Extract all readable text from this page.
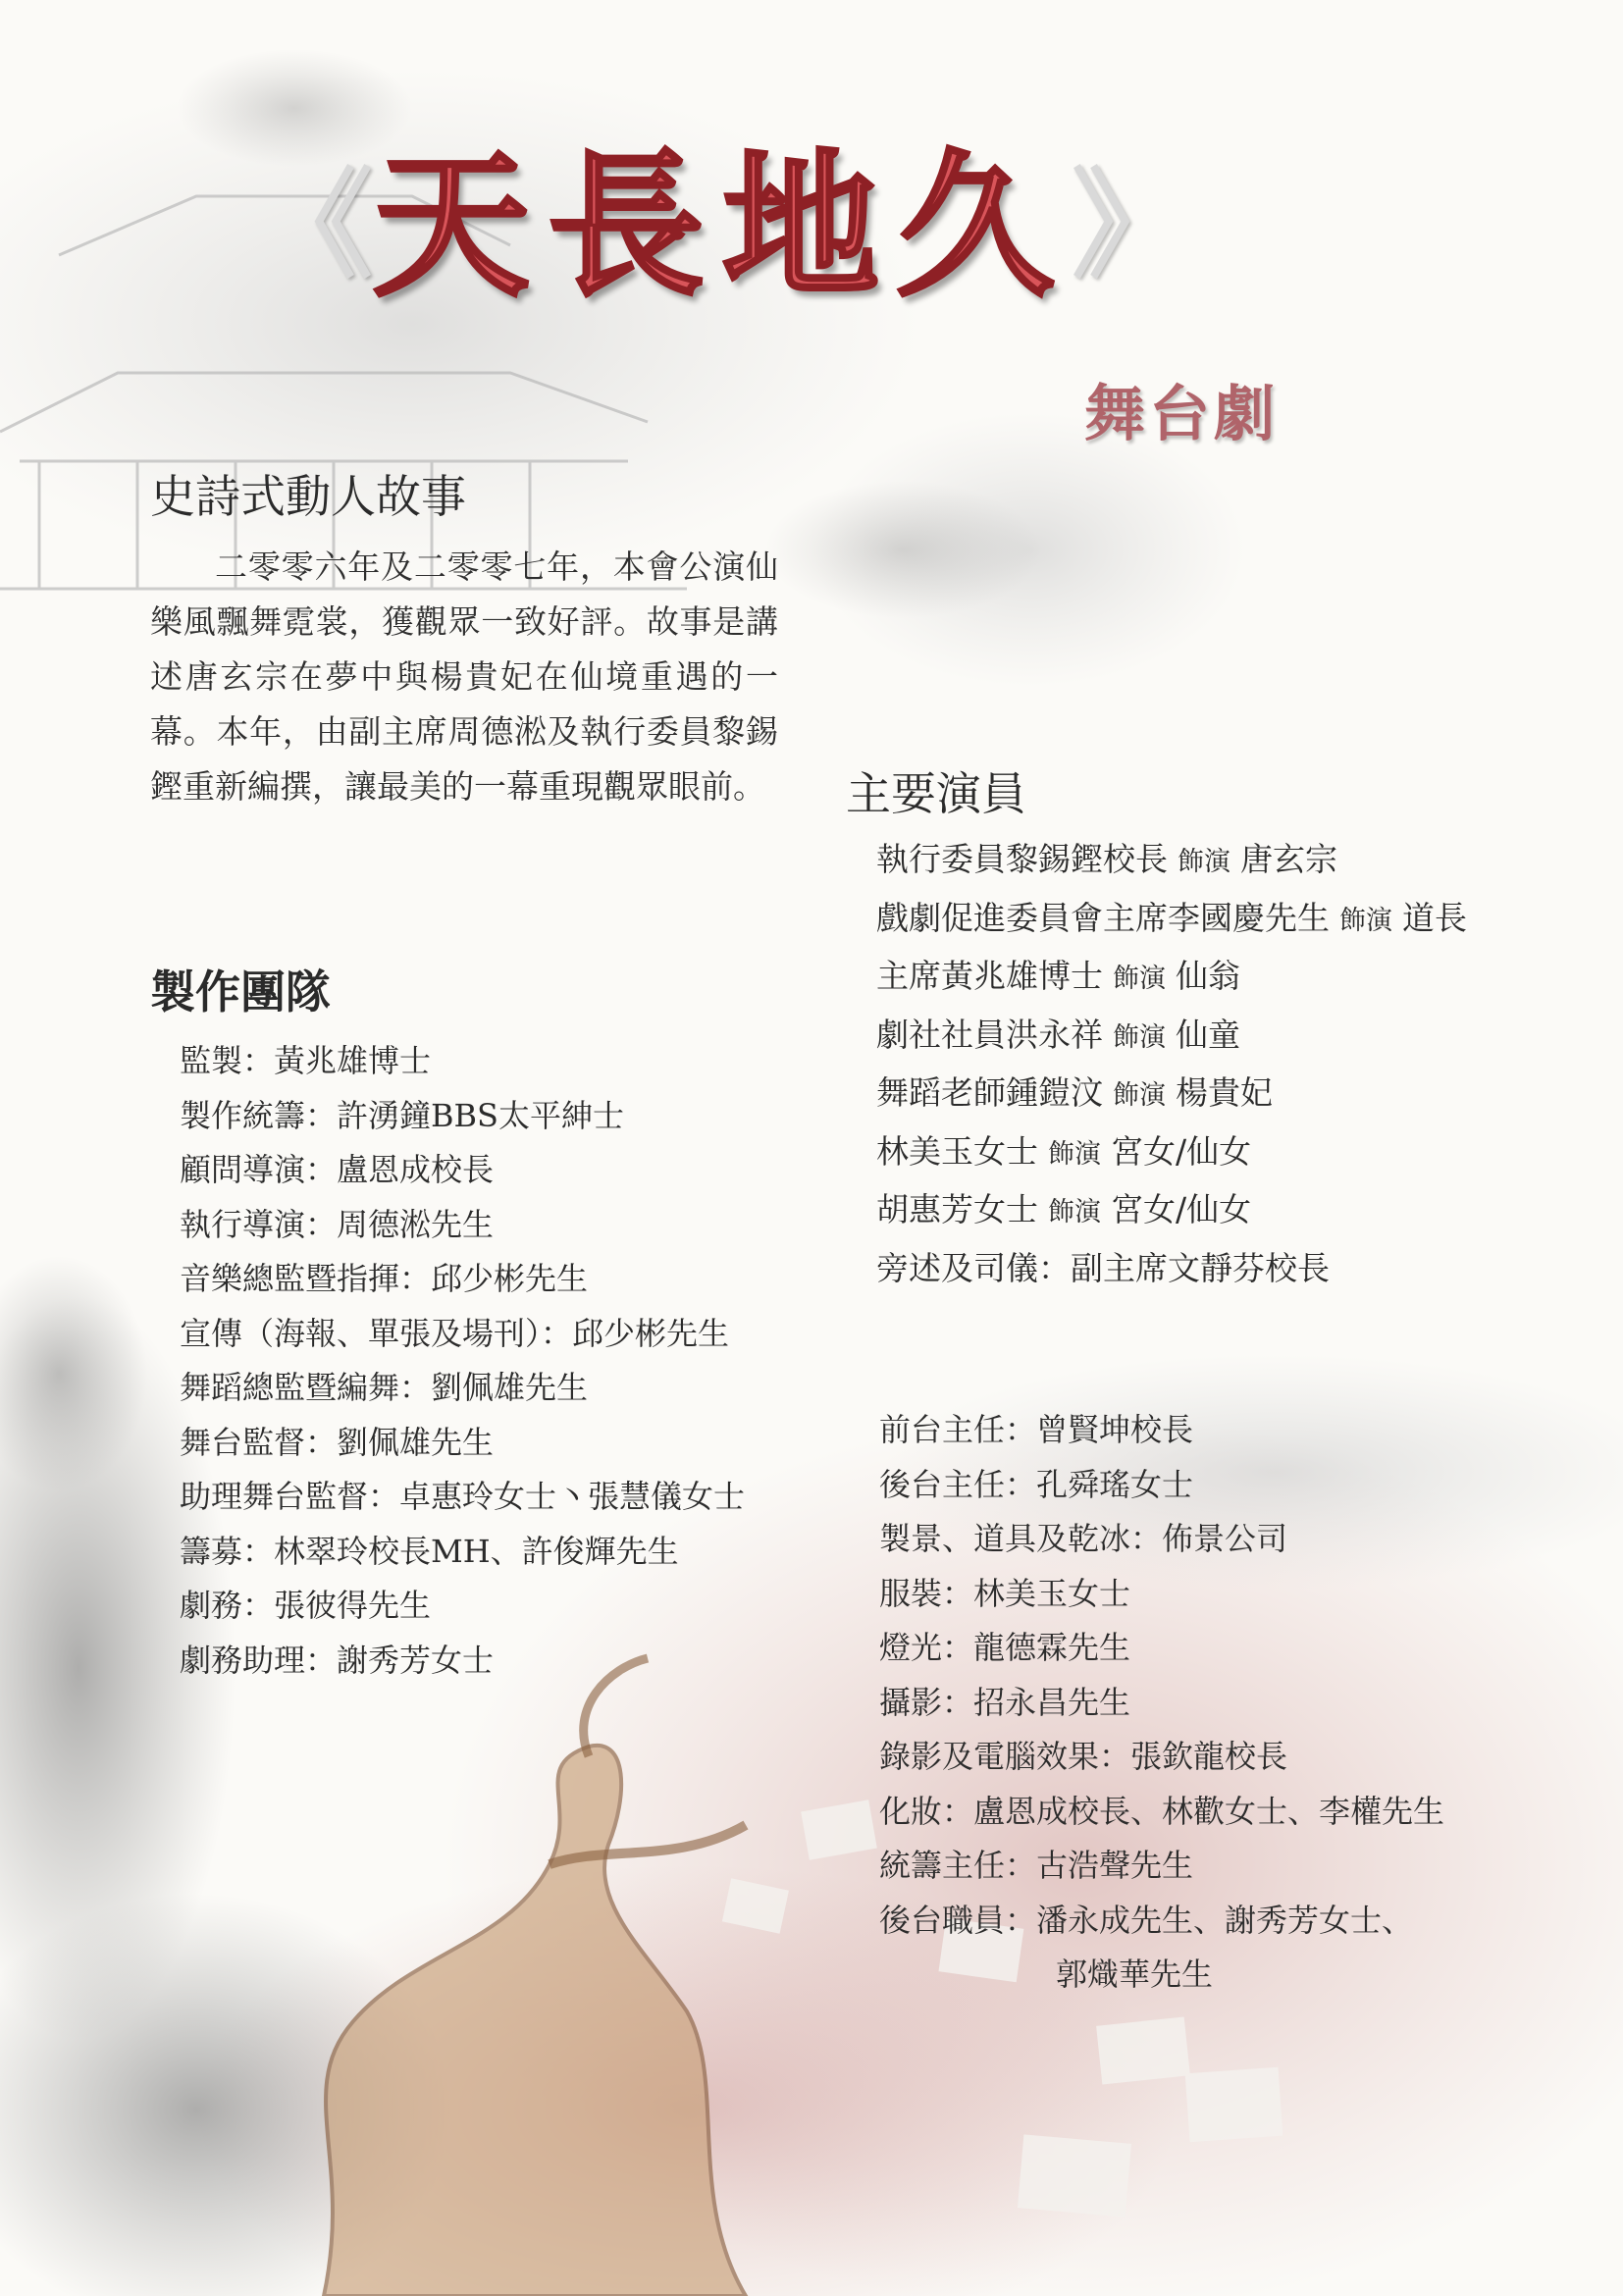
《 天長地久 》
舞台劇
史詩式動人故事

二零零六年及二零零七年，本會公演仙樂風飄舞霓裳，獲觀眾一致好評。故事是講述唐玄宗在夢中與楊貴妃在仙境重遇的一幕。本年，由副主席周德淞及執行委員黎錫鏗重新編撰，讓最美的一幕重現觀眾眼前。

製作團隊
監製：黃兆雄博士
製作統籌：許湧鐘BBS太平紳士
顧問導演：盧恩成校長
執行導演：周德淞先生
音樂總監暨指揮：邱少彬先生
宣傳（海報、單張及場刊）：邱少彬先生
舞蹈總監暨編舞：劉佩雄先生
舞台監督：劉佩雄先生
助理舞台監督：卓惠玲女士丶張慧儀女士
籌募：林翠玲校長MH、許俊輝先生
劇務：張彼得先生
劇務助理：謝秀芳女士
主要演員
執行委員黎錫鏗校長 飾演 唐玄宗
戲劇促進委員會主席李國慶先生 飾演 道長
主席黃兆雄博士 飾演 仙翁
劇社社員洪永祥 飾演 仙童
舞蹈老師鍾鎧汶 飾演 楊貴妃
林美玉女士 飾演 宮女/仙女
胡惠芳女士 飾演 宮女/仙女
旁述及司儀：副主席文靜芬校長
前台主任：曾賢坤校長
後台主任：孔舜瑤女士
製景、道具及乾冰：佈景公司
服裝：林美玉女士
燈光：龍德霖先生
攝影：招永昌先生
錄影及電腦效果：張欽龍校長
化妝：盧恩成校長、林歡女士、李權先生
統籌主任：古浩聲先生
後台職員：潘永成先生、謝秀芳女士、
郭熾華先生
